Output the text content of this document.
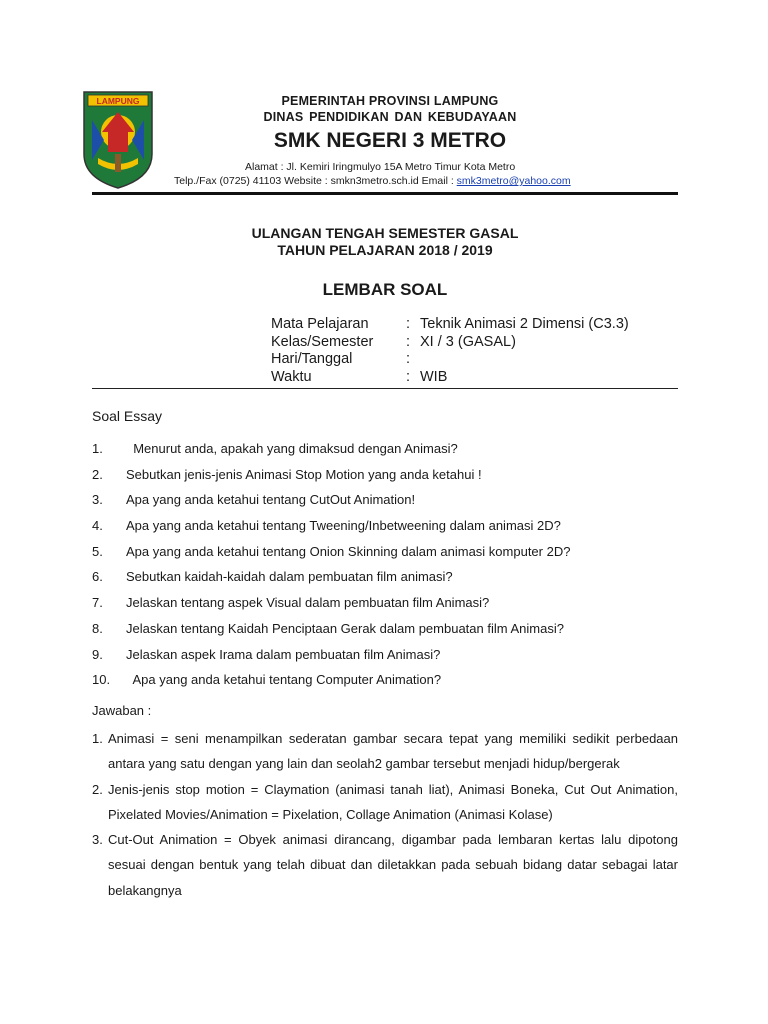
LAMPUNG	PEMERINTAH PROVINSI LAMPUNG
DINAS PENDIDIKAN DAN KEBUDAYAAN
SMK NEGERI 3 METRO
Alamat : Jl. Kemiri Iringmulyo 15A Metro Timur Kota Metro
Telp./Fax (0725) 41103 Website : smkn3metro.sch.id Email : smk3metro@yahoo.com
ULANGAN TENGAH SEMESTER GASAL
TAHUN PELAJARAN 2018 / 2019
LEMBAR SOAL
Mata Pelajaran	: Teknik Animasi 2 Dimensi (C3.3)
Kelas/Semester	: XI / 3 (GASAL)
Hari/Tanggal	:
Waktu	: WIB
Soal Essay
1.	Menurut anda, apakah yang dimaksud dengan Animasi?
2.	Sebutkan jenis-jenis Animasi Stop Motion yang anda ketahui !
3.	Apa yang anda ketahui tentang CutOut Animation!
4.	Apa yang anda ketahui tentang Tweening/Inbetweening dalam animasi 2D?
5.	Apa yang anda ketahui tentang Onion Skinning dalam animasi komputer 2D?
6.	Sebutkan kaidah-kaidah dalam pembuatan film animasi?
7.	Jelaskan tentang aspek Visual dalam pembuatan film Animasi?
8.	Jelaskan tentang Kaidah Penciptaan Gerak dalam pembuatan film Animasi?
9.	Jelaskan aspek Irama dalam pembuatan film Animasi?
10.	Apa yang anda ketahui tentang Computer Animation?
Jawaban :
1. Animasi = seni menampilkan sederatan gambar secara tepat yang memiliki sedikit perbedaan antara yang satu dengan yang lain dan seolah2 gambar tersebut menjadi hidup/bergerak
2. Jenis-jenis stop motion = Claymation (animasi tanah liat), Animasi Boneka, Cut Out Animation, Pixelated Movies/Animation = Pixelation, Collage Animation (Animasi Kolase)
3. Cut-Out Animation = Obyek animasi dirancang, digambar pada lembaran kertas lalu dipotong sesuai dengan bentuk yang telah dibuat dan diletakkan pada sebuah bidang datar sebagai latar belakangnya
